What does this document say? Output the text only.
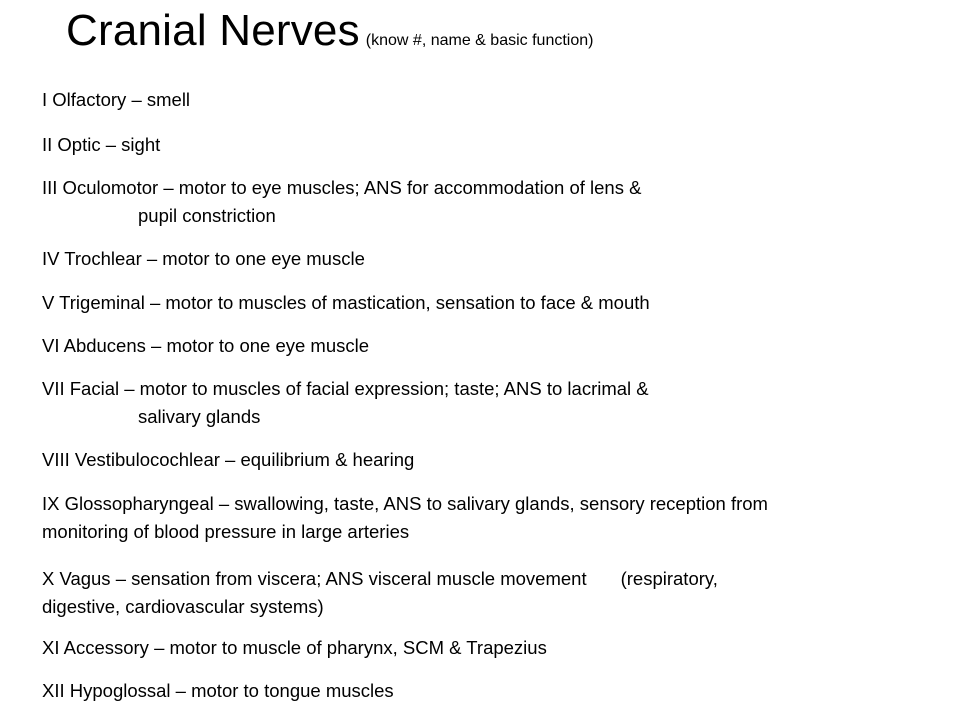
Cranial Nerves (know #, name & basic function)
I Olfactory – smell
II Optic – sight
III Oculomotor – motor to eye muscles; ANS for accommodation of lens &
pupil constriction
IV Trochlear – motor to one eye muscle
V Trigeminal – motor to muscles of mastication, sensation to face & mouth
VI Abducens – motor to one eye muscle
VII Facial – motor to muscles of facial expression; taste; ANS to lacrimal &
salivary glands
VIII Vestibulocochlear – equilibrium & hearing
IX Glossopharyngeal – swallowing, taste, ANS to salivary glands, sensory reception from
monitoring of blood pressure in large arteries
X Vagus – sensation from viscera; ANS visceral muscle movement (respiratory,
digestive, cardiovascular systems)
XI Accessory – motor to muscle of pharynx, SCM & Trapezius
XII Hypoglossal – motor to tongue muscles
